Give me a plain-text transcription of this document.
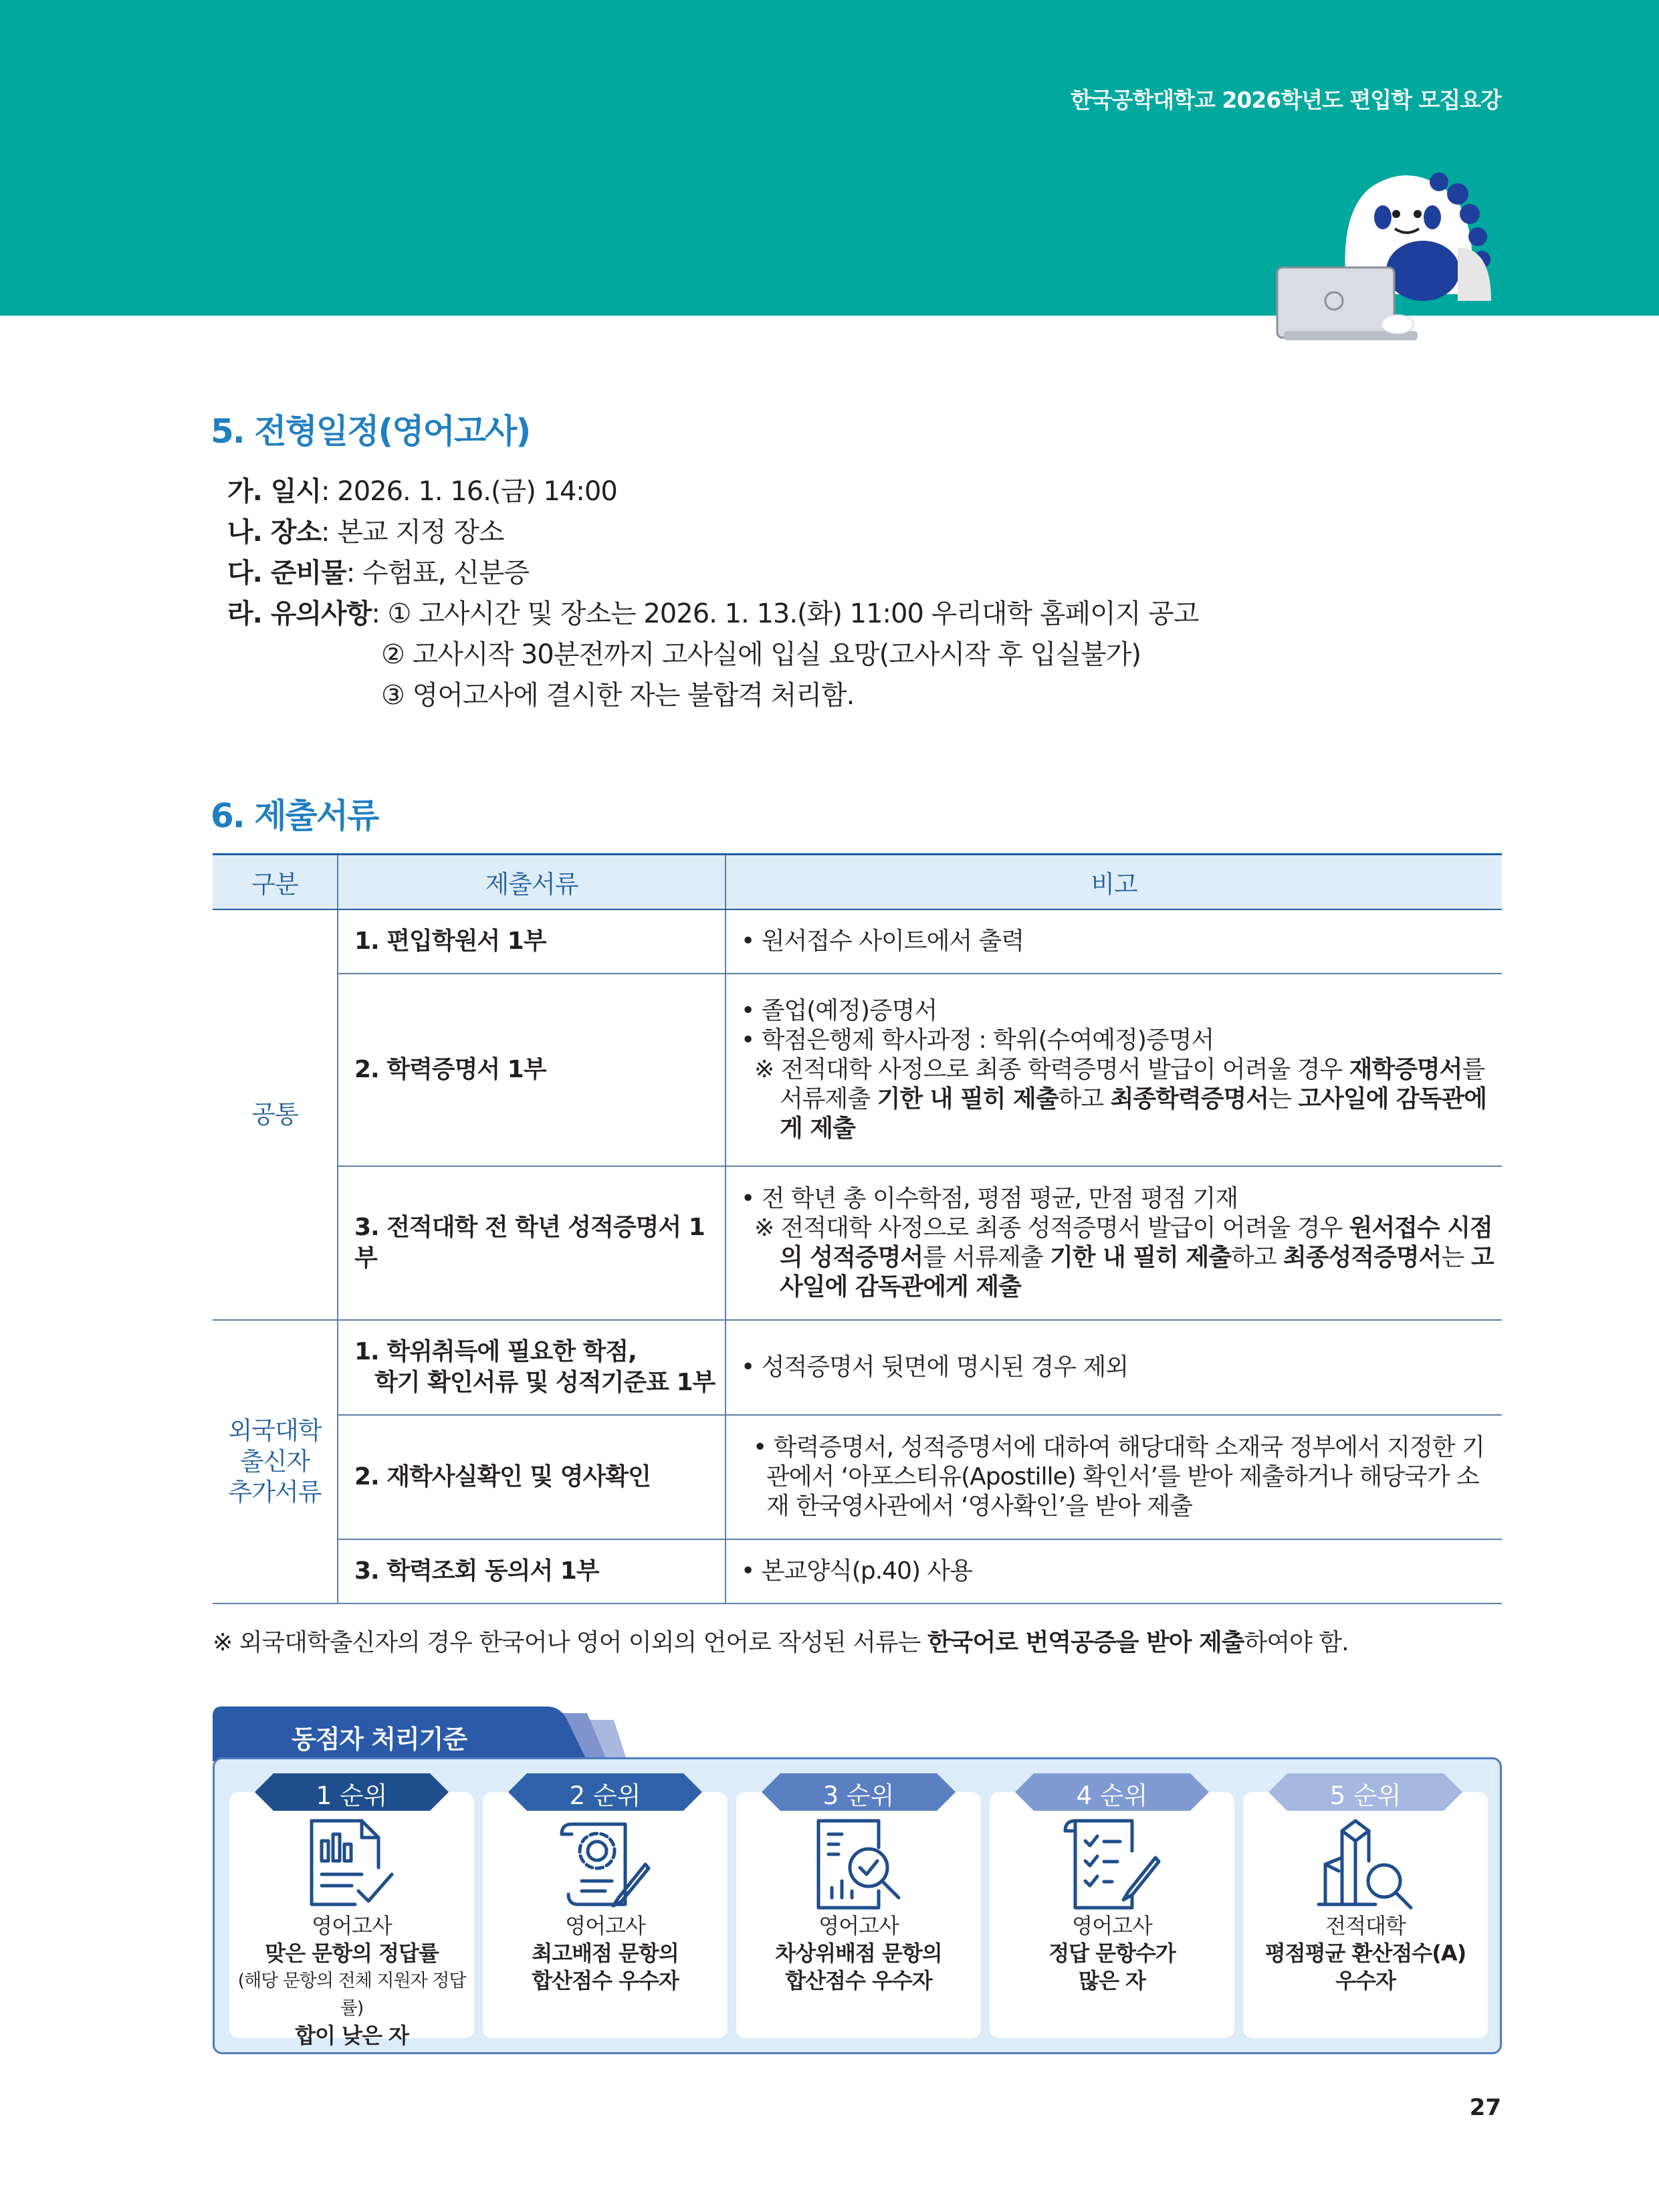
한국공학대학교 2026학년도 편입학 모집요강
5. 전형일정(영어고사)
가. 일시 : 2026. 1. 16.(금) 14:00
나. 장소 : 본교 지정 장소
다. 준비물 : 수험표, 신분증
라. 유의사항 : ① 고사시간 및 장소는 2026. 1. 13.(화) 11:00 우리대학 홈페이지 공고
② 고사시작 30분전까지 고사실에 입실 요망(고사시작 후 입실불가)
③ 영어고사에 결시한 자는 불합격 처리함.
6. 제출서류
구분	제출서류	비고
공통	1. 편입학원서 1부	• 원서접수 사이트에서 출력

	2. 학력증명서 1부	• 졸업(예정)증명서
• 학점은행제 학사과정 : 학위(수여예정)증명서
※ 전적대학 사정으로 최종 학력증명서 발급이 어려울 경우 재학증명서를 서류제출 기한 내 필히 제출하고 최종학력증명서는 고사일에 감독관에게 제출

	3. 전적대학 전 학년 성적증명서 1부	• 전 학년 총 이수학점, 평점 평균, 만점 평점 기재
※ 전적대학 사정으로 최종 성적증명서 발급이 어려울 경우 원서접수 시점의 성적증명서를 서류제출 기한 내 필히 제출하고 최종성적증명서는 고사일에 감독관에게 제출

외국대학
출신자
추가서류	1. 학위취득에 필요한 학점,
학기 확인서류 및 성적기준표 1부	• 성적증명서 뒷면에 명시된 경우 제외

	2. 재학사실확인 및 영사확인	• 학력증명서, 성적증명서에 대하여 해당대학 소재국 정부에서 지정한 기관에서 ‘아포스티유(Apostille) 확인서’를 받아 제출하거나 해당국가 소재 한국영사관에서 ‘영사확인’을 받아 제출

	3. 학력조회 동의서 1부	• 본교양식(p.40) 사용
※ 외국대학출신자의 경우 한국어나 영어 이외의 언어로 작성된 서류는 한국어로 번역공증을 받아 제출하여야 함.
동점자 처리기준
1 순위	2 순위	3 순위	4 순위	5 순위
영어고사
맞은 문항의 정답률
(해당 문항의 전체 지원자 정답률)
합이 낮은 자
영어고사
최고배점 문항의
합산점수 우수자
영어고사
차상위배점 문항의
합산점수 우수자
영어고사
정답 문항수가
많은 자
전적대학
평점평균 환산점수(A)
우수자
27
